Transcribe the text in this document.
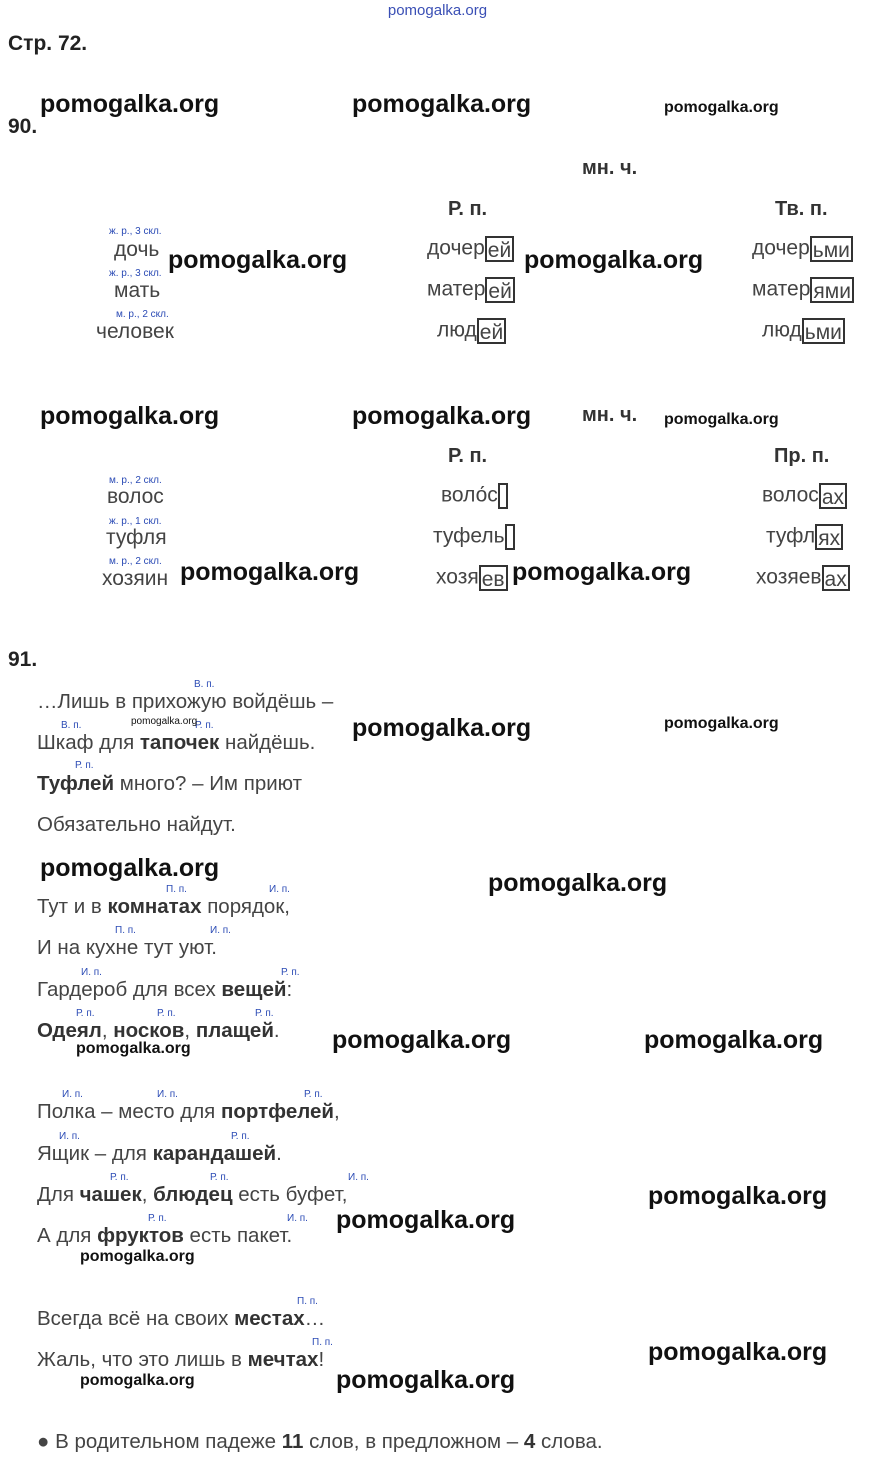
pomogalka.org
Стр. 72.
pomogalka.org	pomogalka.org	pomogalka.org
90.
мн. ч.
Р. п.	Тв. п.
ж. р., 3 скл.
дочь	дочер ей	дочер ьми
ж. р., 3 скл.
мать	матер ей	матер ями
м. р., 2 скл.
человек	люд ей	люд ьми
pomogalka.org	pomogalka.org
pomogalka.org	pomogalka.org	pomogalka.org
мн. ч.
Р. п.	Пр. п.
м. р., 2 скл.
волос	воло́с	волос ах
ж. р., 1 скл.
туфля	туфель	туфл ях
м. р., 2 скл.
хозяин	хозя ев	хозяев ах
pomogalka.org	pomogalka.org
91.
В. п.
…Лишь в прихожую войдёшь –
В. п.	Р. п.
pomogalka.org
Шкаф для тапочек найдёшь.
pomogalka.org	pomogalka.org
Р. п.
Туфлей много? – Им приют
Обязательно найдут.
pomogalka.org
pomogalka.org
П. п.	И. п.
Тут и в комнатах порядок,
П. п.	И. п.
И на кухне тут уют.
И. п.	Р. п.
Гардероб для всех вещей:
Р. п.	Р. п.	Р. п.
Одеял, носков, плащей.
pomogalka.org	pomogalka.org	pomogalka.org
И. п.	И. п.	Р. п.
Полка – место для портфелей,
И. п.	Р. п.
Ящик – для карандашей.
Р. п.	Р. п.	И. п.
Для чашек, блюдец есть буфет,	pomogalka.org
Р. п.	И. п.
А для фруктов есть пакет.
pomogalka.org
pomogalka.org
П. п.
Всегда всё на своих местах…
П. п.
Жаль, что это лишь в мечтах!	pomogalka.org
pomogalka.org	pomogalka.org
● В родительном падеже 11 слов, в предложном – 4 слова.
